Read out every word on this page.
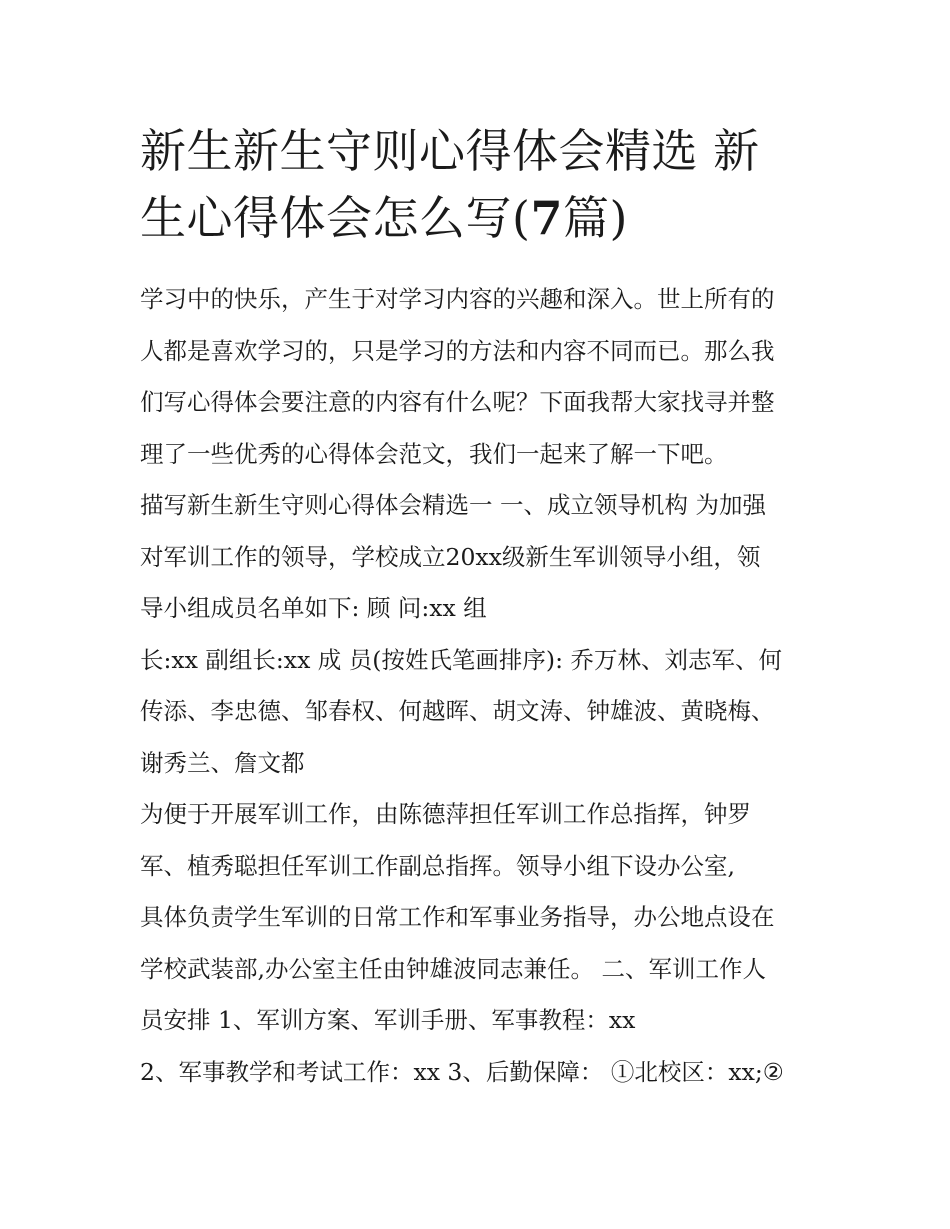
新生新生守则心得体会精选 新
生心得体会怎么写(7篇)
学习中的快乐，产生于对学习内容的兴趣和深入。世上所有的
人都是喜欢学习的，只是学习的方法和内容不同而已。那么我
们写心得体会要注意的内容有什么呢？下面我帮大家找寻并整
理了一些优秀的心得体会范文，我们一起来了解一下吧。
描写新生新生守则心得体会精选一 一、成立领导机构 为加强
对军训工作的领导，学校成立20xx级新生军训领导小组，领
导小组成员名单如下: 顾 问:xx 组
长:xx 副组长:xx 成 员(按姓氏笔画排序): 乔万林、刘志军、何
传添、李忠德、邹春权、何越晖、胡文涛、钟雄波、黄晓梅、
谢秀兰、詹文都
为便于开展军训工作，由陈德萍担任军训工作总指挥，钟罗
军、植秀聪担任军训工作副总指挥。领导小组下设办公室,
具体负责学生军训的日常工作和军事业务指导，办公地点设在
学校武装部,办公室主任由钟雄波同志兼任。 二、军训工作人
员安排 1、军训方案、军训手册、军事教程：xx
2、军事教学和考试工作：xx 3、后勤保障： ①北校区：xx;②
